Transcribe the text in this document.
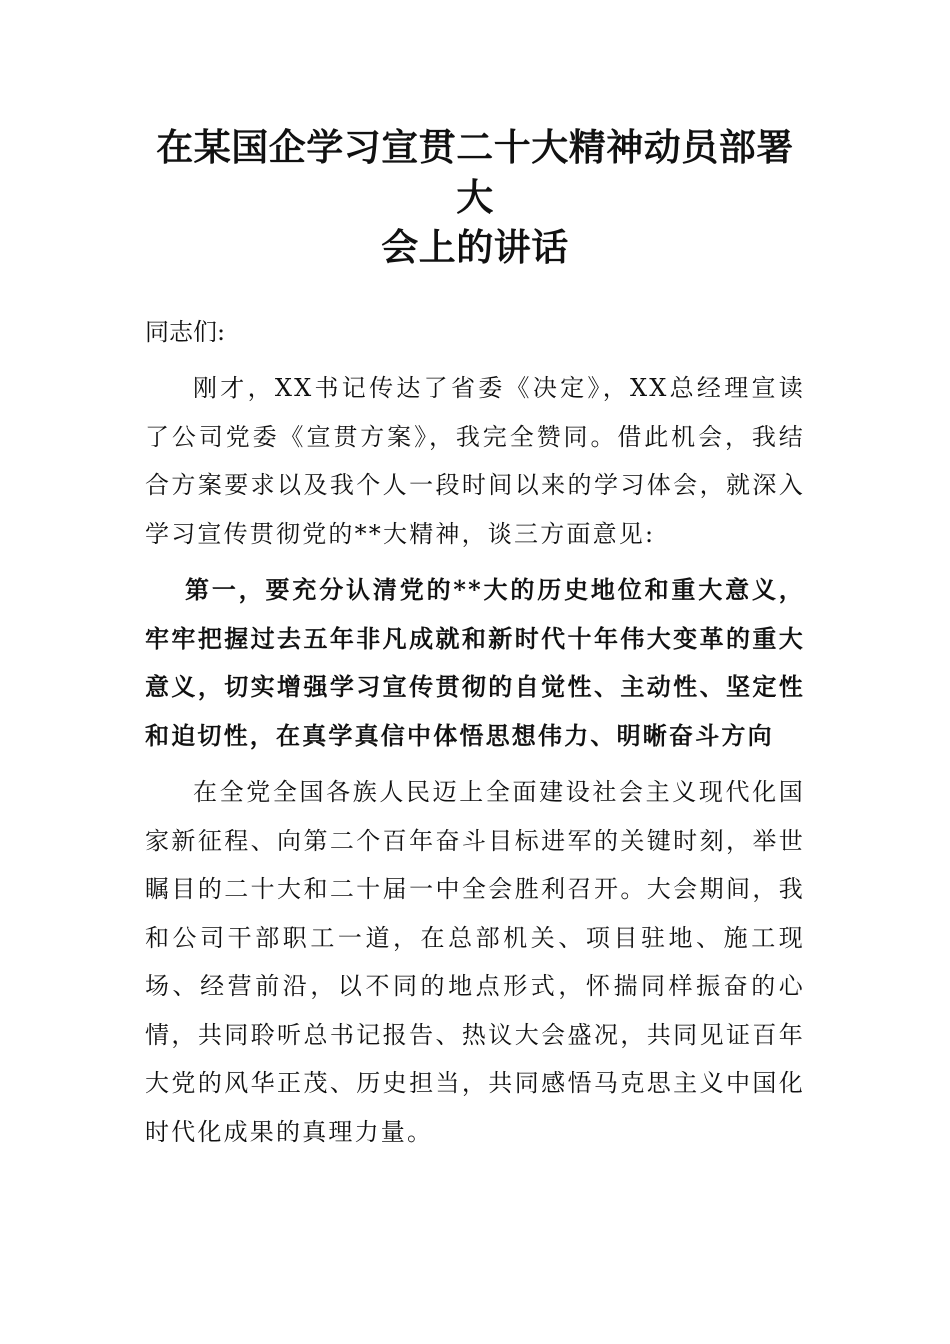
在某国企学习宣贯二十大精神动员部署大
会上的讲话

同志们:

刚才，XX书记传达了省委《决定》，XX总经理宣读了公司党委《宣贯方案》，我完全赞同。借此机会，我结合方案要求以及我个人一段时间以来的学习体会，就深入学习宣传贯彻党的**大精神，谈三方面意见:

第一，要充分认清党的**大的历史地位和重大意义，牢牢把握过去五年非凡成就和新时代十年伟大变革的重大意义，切实增强学习宣传贯彻的自觉性、主动性、坚定性和迫切性，在真学真信中体悟思想伟力、明晰奋斗方向

在全党全国各族人民迈上全面建设社会主义现代化国家新征程、向第二个百年奋斗目标进军的关键时刻，举世瞩目的二十大和二十届一中全会胜利召开。大会期间，我和公司干部职工一道，在总部机关、项目驻地、施工现场、经营前沿，以不同的地点形式，怀揣同样振奋的心情，共同聆听总书记报告、热议大会盛况，共同见证百年大党的风华正茂、历史担当，共同感悟马克思主义中国化时代化成果的真理力量。
